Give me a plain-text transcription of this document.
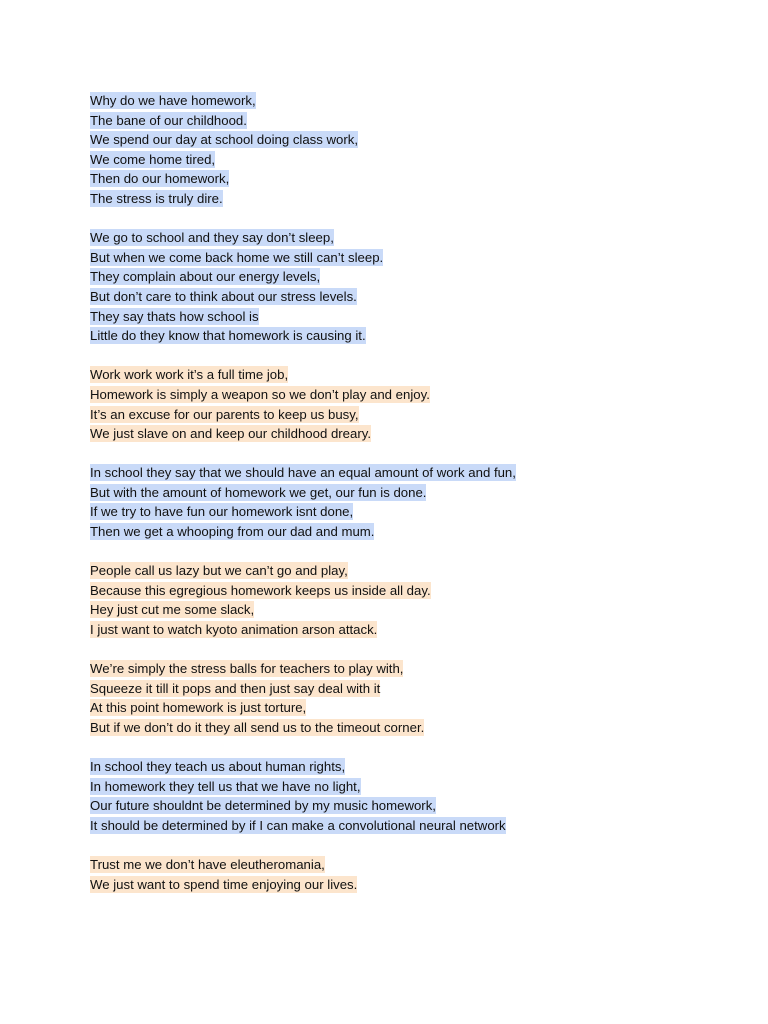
Why do we have homework,
The bane of our childhood.
We spend our day at school doing class work,
We come home tired,
Then do our homework,
The stress is truly dire.
We go to school and they say don’t sleep,
But when we come back home we still can’t sleep.
They complain about our energy levels,
But don’t care to think about our stress levels.
They say thats how school is
Little do they know that homework is causing it.
Work work work it’s a full time job,
Homework is simply a weapon so we don’t play and enjoy.
It’s an excuse for our parents to keep us busy,
We just slave on and keep our childhood dreary.
In school they say that we should have an equal amount of work and fun,
But with the amount of homework we get, our fun is done.
If we try to have fun our homework isnt done,
Then we get a whooping from our dad and mum.
People call us lazy but we can’t go and play,
Because this egregious homework keeps us inside all day.
Hey just cut me some slack,
I just want to watch kyoto animation arson attack.
We’re simply the stress balls for teachers to play with,
Squeeze it till it pops and then just say deal with it
At this point homework is just torture,
But if we don’t do it they all send us to the timeout corner.
In school they teach us about human rights,
In homework they tell us that we have no light,
Our future shouldnt be determined by my music homework,
It should be determined by if I can make a convolutional neural network
Trust me we don’t have eleutheromania,
We just want to spend time enjoying our lives.
